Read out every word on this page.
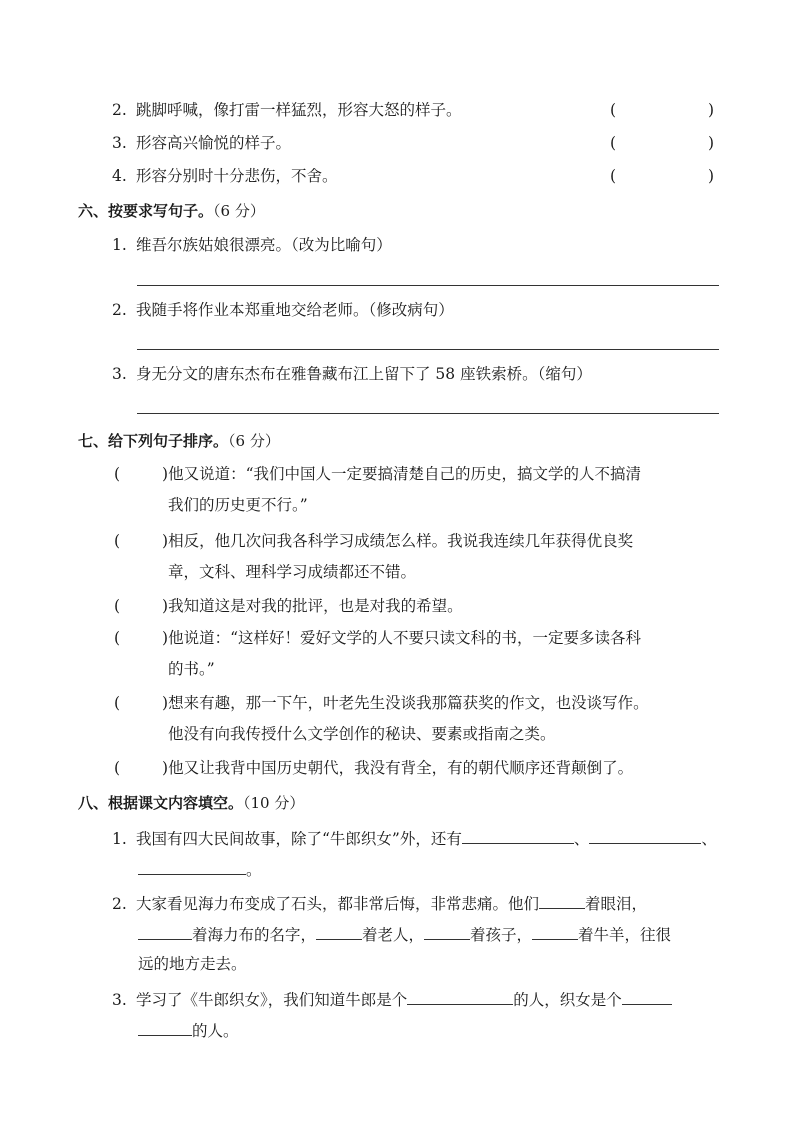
2. 跳脚呼喊，像打雷一样猛烈，形容大怒的样子。	(	)
3. 形容高兴愉悦的样子。	(	)
4. 形容分别时十分悲伤，不舍。	(	)
六、按要求写句子。（6 分）
1. 维吾尔族姑娘很漂亮。（改为比喻句）
2. 我随手将作业本郑重地交给老师。（修改病句）
3. 身无分文的唐东杰布在雅鲁藏布江上留下了 58 座铁索桥。（缩句）
七、给下列句子排序。（6 分）
(	)他又说道：“我们中国人一定要搞清楚自己的历史，搞文学的人不搞清
我们的历史更不行。”
(	)相反，他几次问我各科学习成绩怎么样。我说我连续几年获得优良奖
章，文科、理科学习成绩都还不错。
(	)我知道这是对我的批评，也是对我的希望。
(	)他说道：“这样好！爱好文学的人不要只读文科的书，一定要多读各科
的书。”
(	)想来有趣，那一下午，叶老先生没谈我那篇获奖的作文，也没谈写作。
他没有向我传授什么文学创作的秘诀、要素或指南之类。
(	)他又让我背中国历史朝代，我没有背全，有的朝代顺序还背颠倒了。
八、根据课文内容填空。（10 分）
1. 我国有四大民间故事，除了“牛郎织女”外，还有	、	、
。
2. 大家看见海力布变成了石头，都非常后悔，非常悲痛。他们	着眼泪，
着海力布的名字，	着老人，	着孩子，	着牛羊，往很
远的地方走去。
3. 学习了《牛郎织女》，我们知道牛郎是个	的人，织女是个
的人。
